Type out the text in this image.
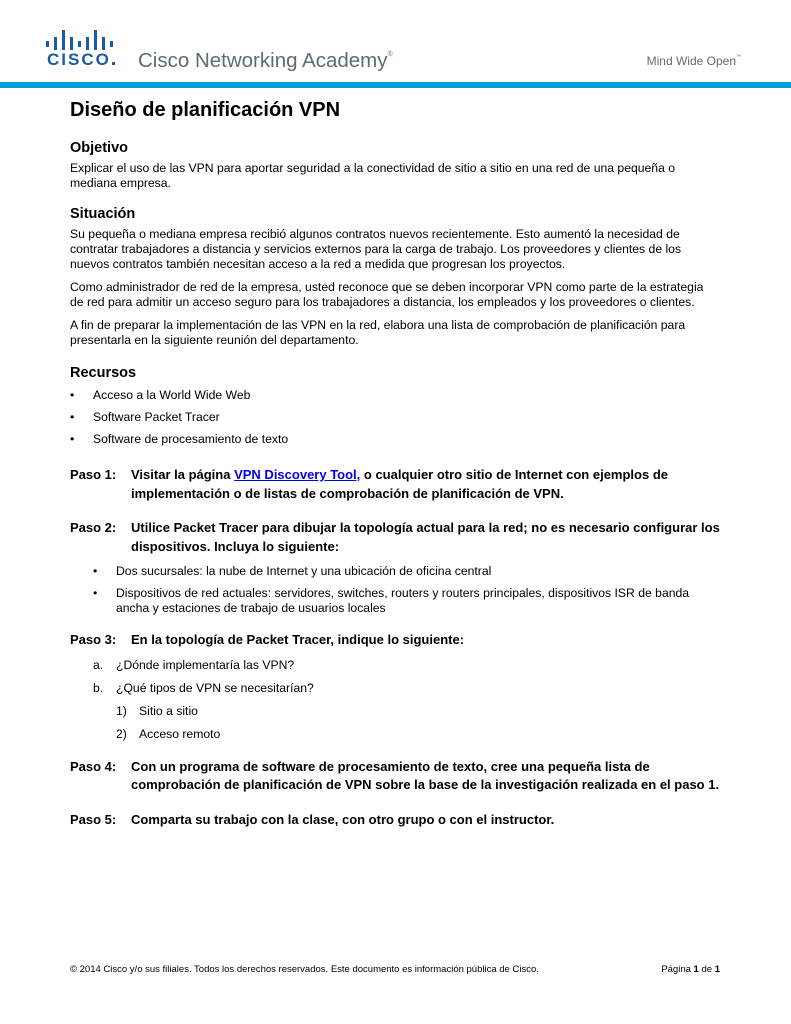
CISCO Cisco Networking Academy®	Mind Wide Open™
Diseño de planificación VPN
Objetivo

Explicar el uso de las VPN para aportar seguridad a la conectividad de sitio a sitio en una red de una pequeña o mediana empresa.

Situación

Su pequeña o mediana empresa recibió algunos contratos nuevos recientemente. Esto aumentó la necesidad de contratar trabajadores a distancia y servicios externos para la carga de trabajo. Los proveedores y clientes de los nuevos contratos también necesitan acceso a la red a medida que progresan los proyectos.

Como administrador de red de la empresa, usted reconoce que se deben incorporar VPN como parte de la estrategia de red para admitir un acceso seguro para los trabajadores a distancia, los empleados y los proveedores o clientes.

A fin de preparar la implementación de las VPN en la red, elabora una lista de comprobación de planificación para presentarla en la siguiente reunión del departamento.

Recursos
• Acceso a la World Wide Web
• Software Packet Tracer
• Software de procesamiento de texto
Paso 1:	Visitar la página VPN Discovery Tool, o cualquier otro sitio de Internet con ejemplos de implementación o de listas de comprobación de planificación de VPN.
Paso 2:	Utilice Packet Tracer para dibujar la topología actual para la red; no es necesario configurar los dispositivos. Incluya lo siguiente:
• Dos sucursales: la nube de Internet y una ubicación de oficina central
• Dispositivos de red actuales: servidores, switches, routers y routers principales, dispositivos ISR de banda ancha y estaciones de trabajo de usuarios locales
Paso 3:	En la topología de Packet Tracer, indique lo siguiente:
a.	¿Dónde implementaría las VPN?
b.	¿Qué tipos de VPN se necesitarían?
1) Sitio a sitio
2) Acceso remoto
Paso 4:	Con un programa de software de procesamiento de texto, cree una pequeña lista de comprobación de planificación de VPN sobre la base de la investigación realizada en el paso 1.
Paso 5:	Comparta su trabajo con la clase, con otro grupo o con el instructor.
© 2014 Cisco y/o sus filiales. Todos los derechos reservados. Este documento es información pública de Cisco.	Página 1 de 1
